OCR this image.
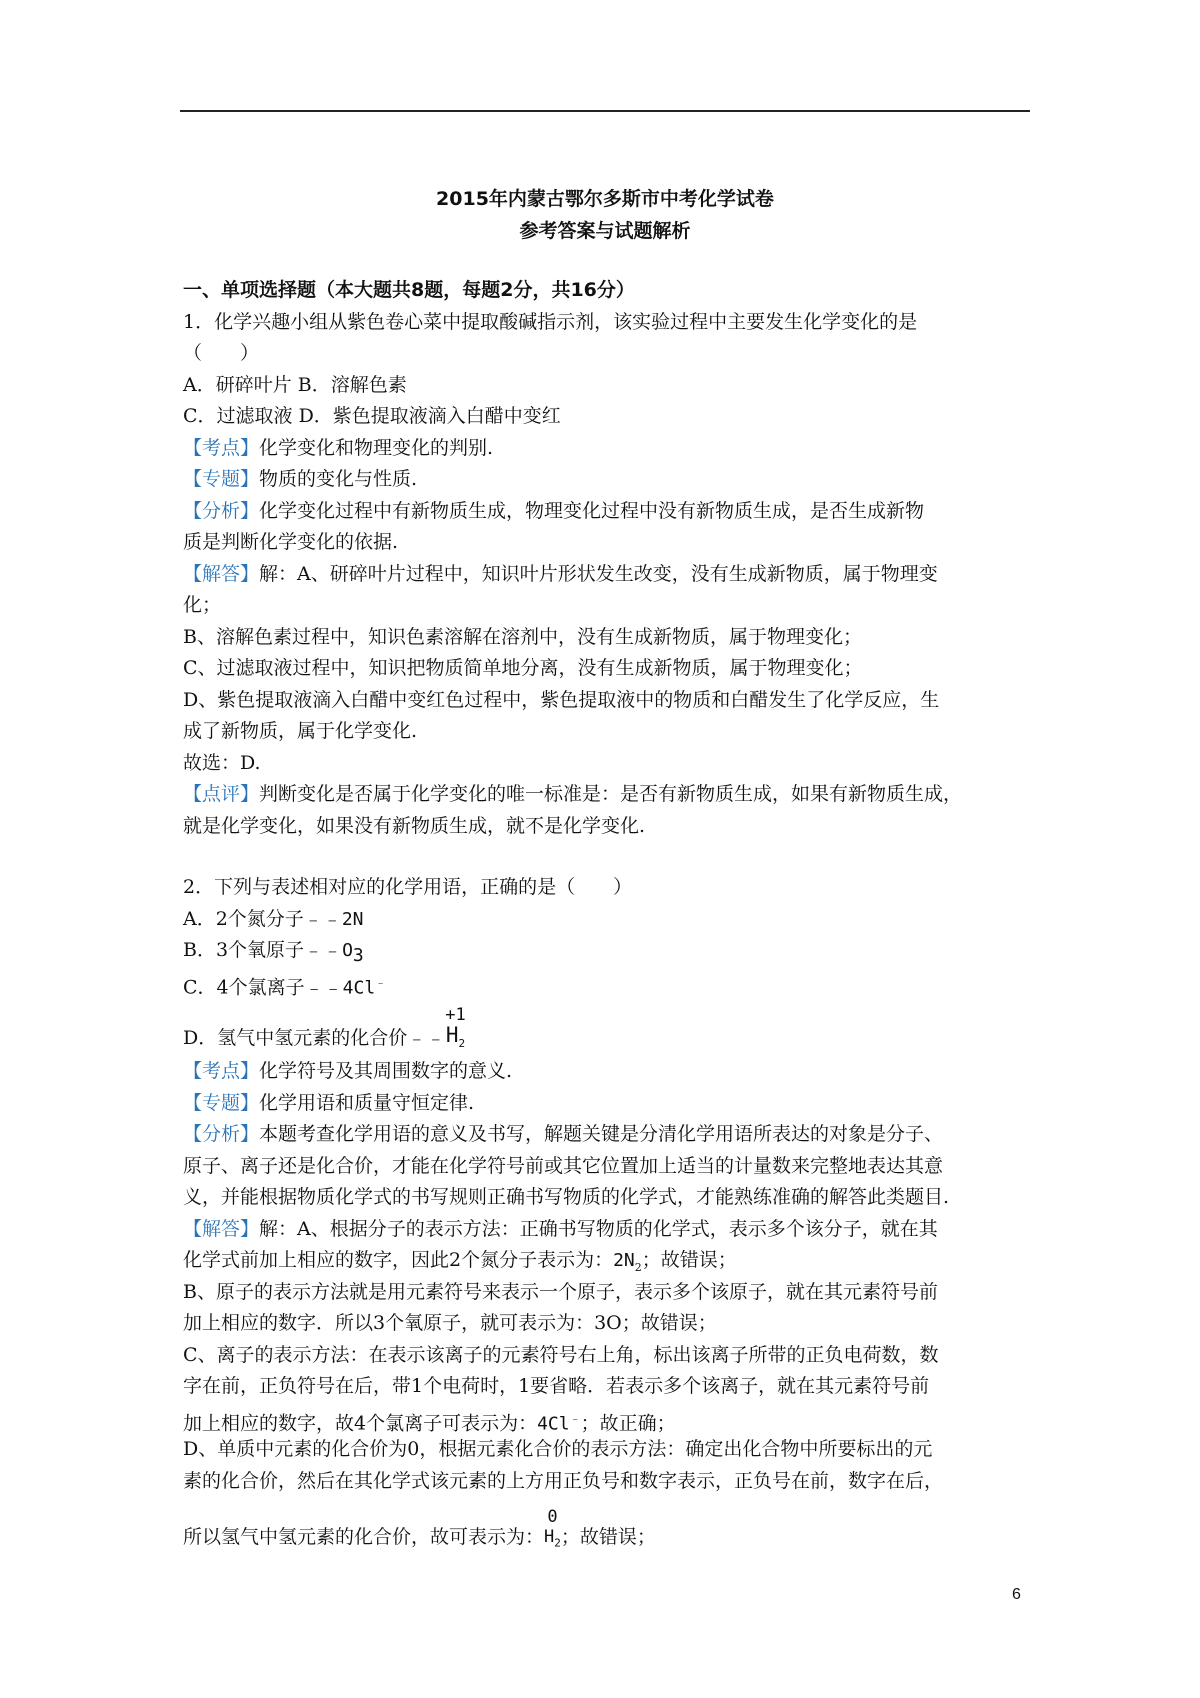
2015年内蒙古鄂尔多斯市中考化学试卷
参考答案与试题解析
一、单项选择题（本大题共8题，每题2分，共16分）
1．化学兴趣小组从紫色卷心菜中提取酸碱指示剂，该实验过程中主要发生化学变化的是
（　　）
A．研碎叶片 B．溶解色素
C．过滤取液 D．紫色提取液滴入白醋中变红
【考点】化学变化和物理变化的判别.
【专题】物质的变化与性质.
【分析】化学变化过程中有新物质生成，物理变化过程中没有新物质生成，是否生成新物
质是判断化学变化的依据.
【解答】解：A、研碎叶片过程中，知识叶片形状发生改变，没有生成新物质，属于物理变
化；
B、溶解色素过程中，知识色素溶解在溶剂中，没有生成新物质，属于物理变化；
C、过滤取液过程中，知识把物质简单地分离，没有生成新物质，属于物理变化；
D、紫色提取液滴入白醋中变红色过程中，紫色提取液中的物质和白醋发生了化学反应，生
成了新物质，属于化学变化.
故选：D.
【点评】判断变化是否属于化学变化的唯一标准是：是否有新物质生成，如果有新物质生成，
就是化学变化，如果没有新物质生成，就不是化学变化.
2．下列与表述相对应的化学用语，正确的是（　　）
A．2个氮分子﹣﹣2N
B．3个氧原子$﹣﹣O_3$
C．4个氯离子﹣﹣4Cl﹣
D．氢气中氢元素的化合价﹣﹣
+1
$H_2$
【考点】化学符号及其周围数字的意义.
【专题】化学用语和质量守恒定律.
【分析】本题考查化学用语的意义及书写，解题关键是分清化学用语所表达的对象是分子、
原子、离子还是化合价，才能在化学符号前或其它位置加上适当的计量数来完整地表达其意
义，并能根据物质化学式的书写规则正确书写物质的化学式，才能熟练准确的解答此类题目.
【解答】解：A、根据分子的表示方法：正确书写物质的化学式，表示多个该分子，就在其
化学式前加上相应的数字，因此2个氮分子表示为：$2N_2$；故错误；
B、原子的表示方法就是用元素符号来表示一个原子，表示多个该原子，就在其元素符号前
加上相应的数字．所以3个氧原子，就可表示为：3O；故错误；
C、离子的表示方法：在表示该离子的元素符号右上角，标出该离子所带的正负电荷数，数
字在前，正负符号在后，带1个电荷时，1要省略．若表示多个该离子，就在其元素符号前
加上相应的数字，故4个氯离子可表示为：4Cl﹣；故正确；
D、单质中元素的化合价为0，根据元素化合价的表示方法：确定出化合物中所要标出的元
素的化合价，然后在其化学式该元素的上方用正负号和数字表示，正负号在前，数字在后，
所以氢气中氢元素的化合价，故可表示为：
0
$H_2$ ；故错误；
6
